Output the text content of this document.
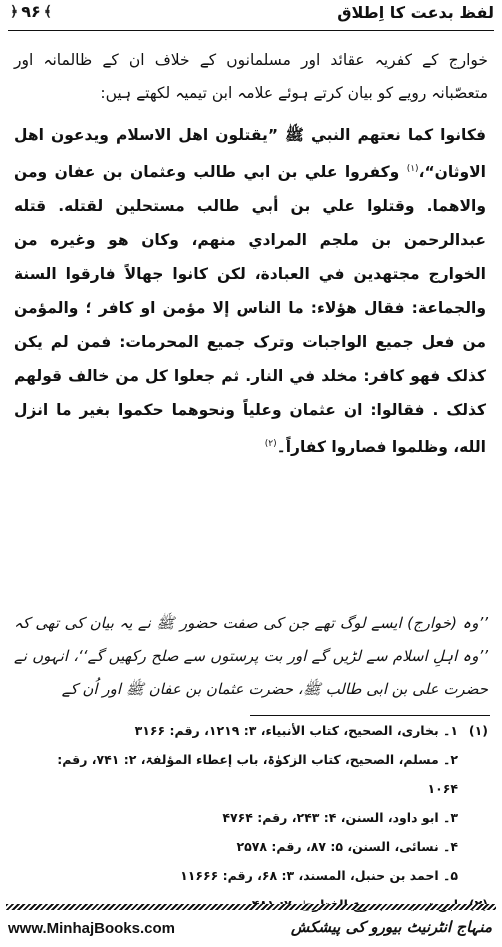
﴿ ۹۶ ﴾	لفظ بدعت کا اِطلاق
خوارج کے کفریہ عقائد اور مسلمانوں کے خلاف ان کے ظالمانہ اور متعصّبانہ رویے کو بیان کرتے ہوئے علامہ ابن تیمیہ لکھتے ہیں:
فكانوا كما نعتهم النبي ﷺ ”يقتلون اهل الاسلام ويدعون اهل الاوثان“،$^{(۱)}$ وكفروا علي بن ابي طالب وعثمان بن عفان ومن والاهما. وقتلوا علي بن أبي طالب مستحلين لقتله. قتله عبدالرحمن بن ملجم المرادي منهم، وكان هو وغيره من الخوارج مجتهدين في العبادة، لكن كانوا جهالاً فارقوا السنة والجماعة: فقال هؤلاء: ما الناس إلا مؤمن او كافر ؛ والمؤمن من فعل جميع الواجبات وترک جميع المحرمات: فمن لم يكن كذلک فهو كافر: مخلد في النار. ثم جعلوا كل من خالف قولهم كذلک . فقالوا: ان عثمان وعلياً ونحوهما حكموا بغير ما انزل الله، وظلموا فصاروا كفاراً۔$^{(۲)}$
’’وہ (خوارج) ایسے لوگ تھے جن کی صفت حضور ﷺ نے یہ بیان کی تھی کہ ’’وہ اہلِ اسلام سے لڑیں گے اور بت پرستوں سے صلح رکھیں گے‘‘، انہوں نے حضرت علی بن ابی طالب ﷺ، حضرت عثمان بن عفان ﷺ اور اُن کے
(۱)
۱۔ بخاری، الصحیح، کتاب الأنبیاء، ۳: ۱۲۱۹، رقم: ۳۱۶۶
۲۔ مسلم، الصحیح، کتاب الزکوٰۃ، باب إعطاء المؤلفۃ، ۲: ۷۴۱، رقم:
۱۰۶۴
۳۔ ابو داود، السنن، ۴: ۲۴۳، رقم: ۴۷۶۴
۴۔ نسائی، السنن، ۵: ۸۷، رقم: ۲۵۷۸
۵۔ احمد بن حنبل، المسند، ۳: ۶۸، رقم: ۱۱۶۶۶
www.MinhajBooks.com	منہاج انٹرنیٹ بیورو کی پیشکش
